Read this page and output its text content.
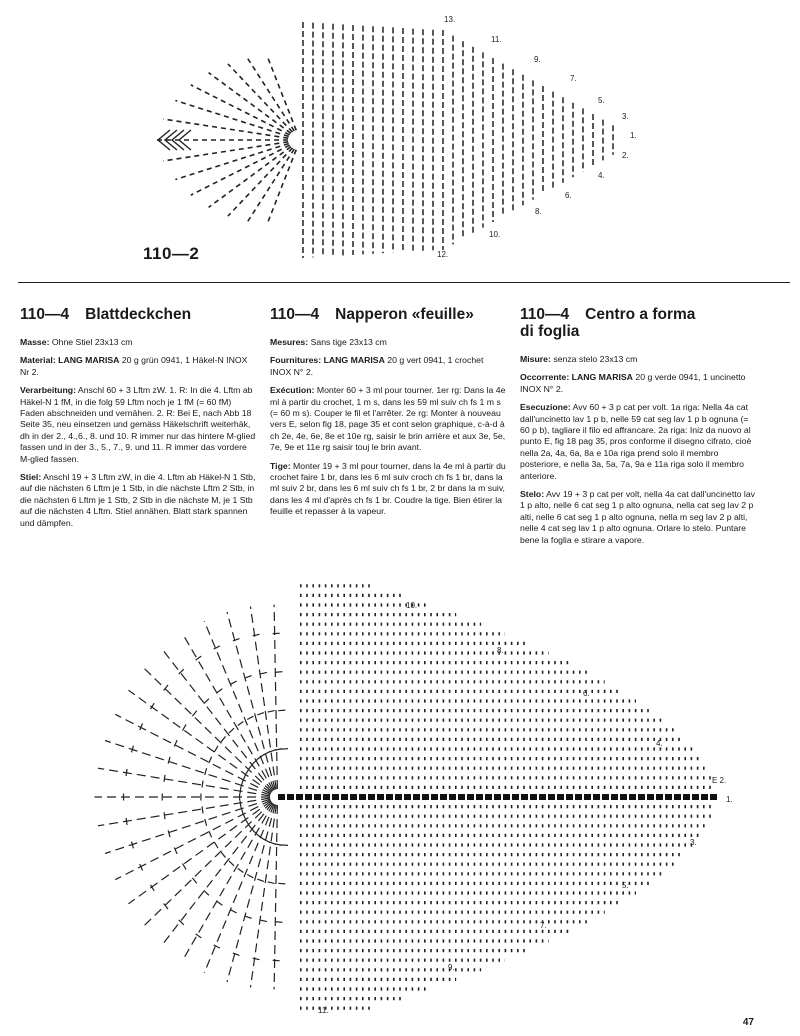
13.
11.
9.
7.
5.
3.
1.
2.
4.
6.
8.
10.
12.
110—2
110—4 Blattdeckchen

Masse: Ohne Stiel 23x13 cm

Material: LANG MARISA 20 g grün 0941, 1 Häkel-N INOX Nr 2.

Verarbeitung: Anschl 60 + 3 Lftm zW. 1. R: In die 4. Lftm ab Häkel-N 1 fM, in die folg 59 Lftm noch je 1 fM (= 60 fM) Faden abschneiden und vernähen. 2. R: Bei E, nach Abb 18 Seite 35, neu einsetzen und gemäss Häkelschrift weiterhäk, dh in der 2., 4.,6., 8. und 10. R immer nur das hintere M-glied fassen und in der 3., 5., 7., 9. und 11. R immer das vordere M-glied fassen.

Stiel: Anschl 19 + 3 Lftm zW, in die 4. Lftm ab Häkel-N 1 Stb, auf die nächsten 6 Lftm je 1 Stb, in die nächste Lftm 2 Stb, in die nächsten 6 Lftm je 1 Stb, 2 Stb in die nächste M, je 1 Stb auf die nächsten 4 Lftm. Stiel annähen. Blatt stark spannen und dämpfen.

110—4 Napperon «feuille»

Mesures: Sans tige 23x13 cm

Fournitures: LANG MARISA 20 g vert 0941, 1 crochet INOX N° 2.

Exécution: Monter 60 + 3 ml pour tourner. 1er rg: Dans la 4e ml à partir du crochet, 1 m s, dans les 59 ml suiv ch fs 1 m s (= 60 m s). Couper le fil et l'arrêter. 2e rg: Monter à nouveau vers E, selon fig 18, page 35 et cont selon graphique, c-à-d à ch 2e, 4e, 6e, 8e et 10e rg, saisir le brin arrière et aux 3e, 5e, 7e, 9e et 11e rg saisir touj le brin avant.

Tige: Monter 19 + 3 ml pour tourner, dans la 4e ml à partir du crochet faire 1 br, dans les 6 ml suiv croch ch fs 1 br, dans la ml suiv 2 br, dans les 6 ml suiv ch fs 1 br, 2 br dans la m suiv, dans les 4 ml d'après ch fs 1 br. Coudre la tige. Bien étirer la feuille et repasser à la vapeur.

110—4 Centro a forma
di foglia

Misure: senza stelo 23x13 cm

Occorrente: LANG MARISA 20 g verde 0941, 1 uncinetto INOX N° 2.

Esecuzione: Avv 60 + 3 p cat per volt. 1a riga: Nella 4a cat dall'uncinetto lav 1 p b, nelle 59 cat seg lav 1 p b ognuna (= 60 p b), tagliare il filo ed affrancare. 2a riga: Iniz da nuovo al punto E, fig 18 pag 35, pros conforme il disegno cifrato, cioè nella 2a, 4a, 6a, 8a e 10a riga prend solo il membro posteriore, e nella 3a, 5a, 7a, 9a e 11a riga solo il membro anteriore.

Stelo: Avv 19 + 3 p cat per volt, nella 4a cat dall'uncinetto lav 1 p alto, nelle 6 cat seg 1 p alto ognuna, nella cat seg lav 2 p alti, nelle 6 cat seg 1 p alto ognuna, nella m seg lav 2 p alti, nelle 4 cat seg lav 1 p alto ognuna. Orlare lo stelo. Puntare bene la foglia e stirare a vapore.

10.
8.
6.
4.
E 2.
1.
3.
5.
7.
9.
11.
47
